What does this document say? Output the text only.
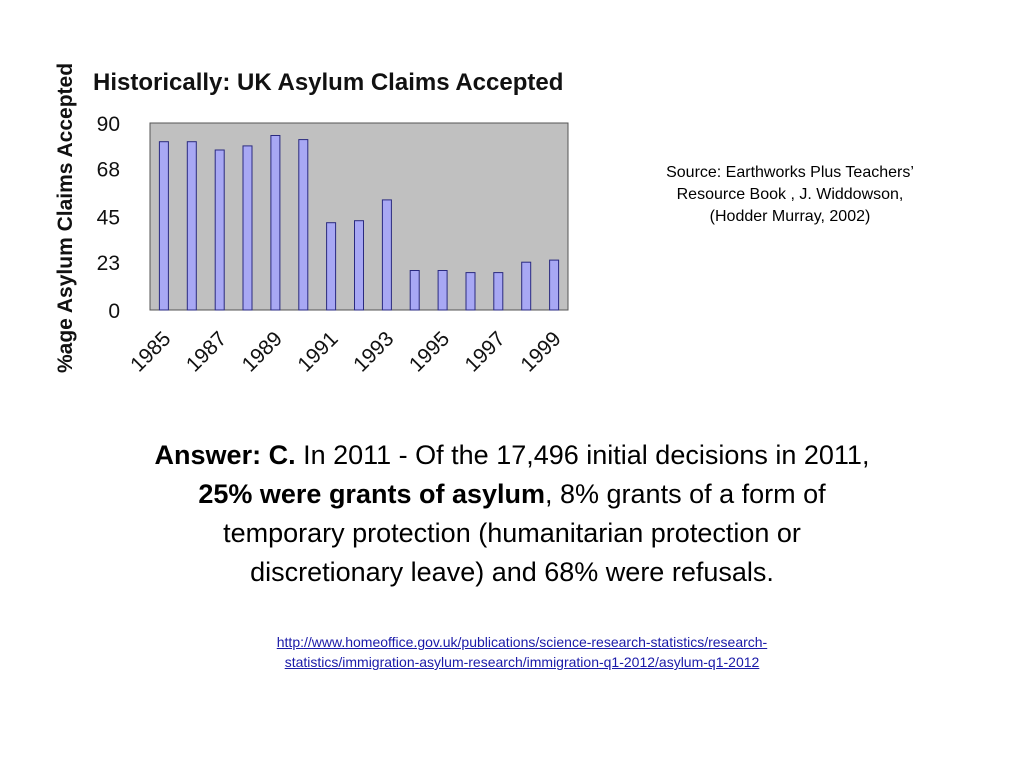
Historically: UK Asylum Claims Accepted
%age Asylum Claims Accepted 90
68
45
23
0
1985 1987 1989 1991 1993 1995 1997 1999
Source: Earthworks Plus Teachers’
Resource Book , J. Widdowson,
(Hodder Murray, 2002)
Answer: C. In 2011 - Of the 17,496 initial decisions in 2011, 25% were grants of asylum, 8% grants of a form of temporary protection (humanitarian protection or discretionary leave) and 68% were refusals.
http://www.homeoffice.gov.uk/publications/science-research-statistics/research-
statistics/immigration-asylum-research/immigration-q1-2012/asylum-q1-2012
